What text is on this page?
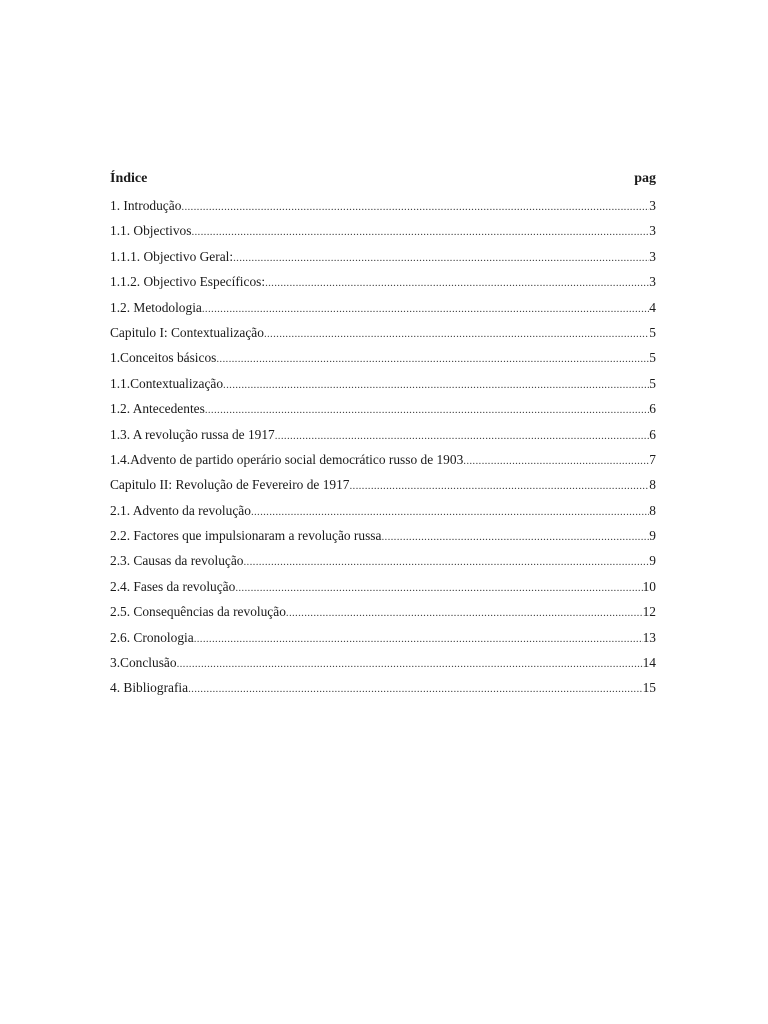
Índice	pag
1. Introdução .....	3
1.1. Objectivos .....	3
1.1.1. Objectivo Geral: .....	3
1.1.2. Objectivo Específicos: .....	3
1.2. Metodologia .....	4
Capitulo I: Contextualização .....	5
1.Conceitos básicos .....	5
1.1.Contextualização .....	5
1.2. Antecedentes .....	6
1.3. A revolução russa de 1917 .....	6
1.4.Advento de partido operário social democrático russo de 1903 .....	7
Capitulo II: Revolução de Fevereiro de 1917 .....	8
2.1. Advento da revolução .....	8
2.2. Factores que impulsionaram a revolução russa .....	9
2.3. Causas da revolução .....	9
2.4. Fases da revolução .....	10
2.5. Consequências da revolução .....	12
2.6. Cronologia .....	13
3.Conclusão .....	14
4. Bibliografia .....	15
